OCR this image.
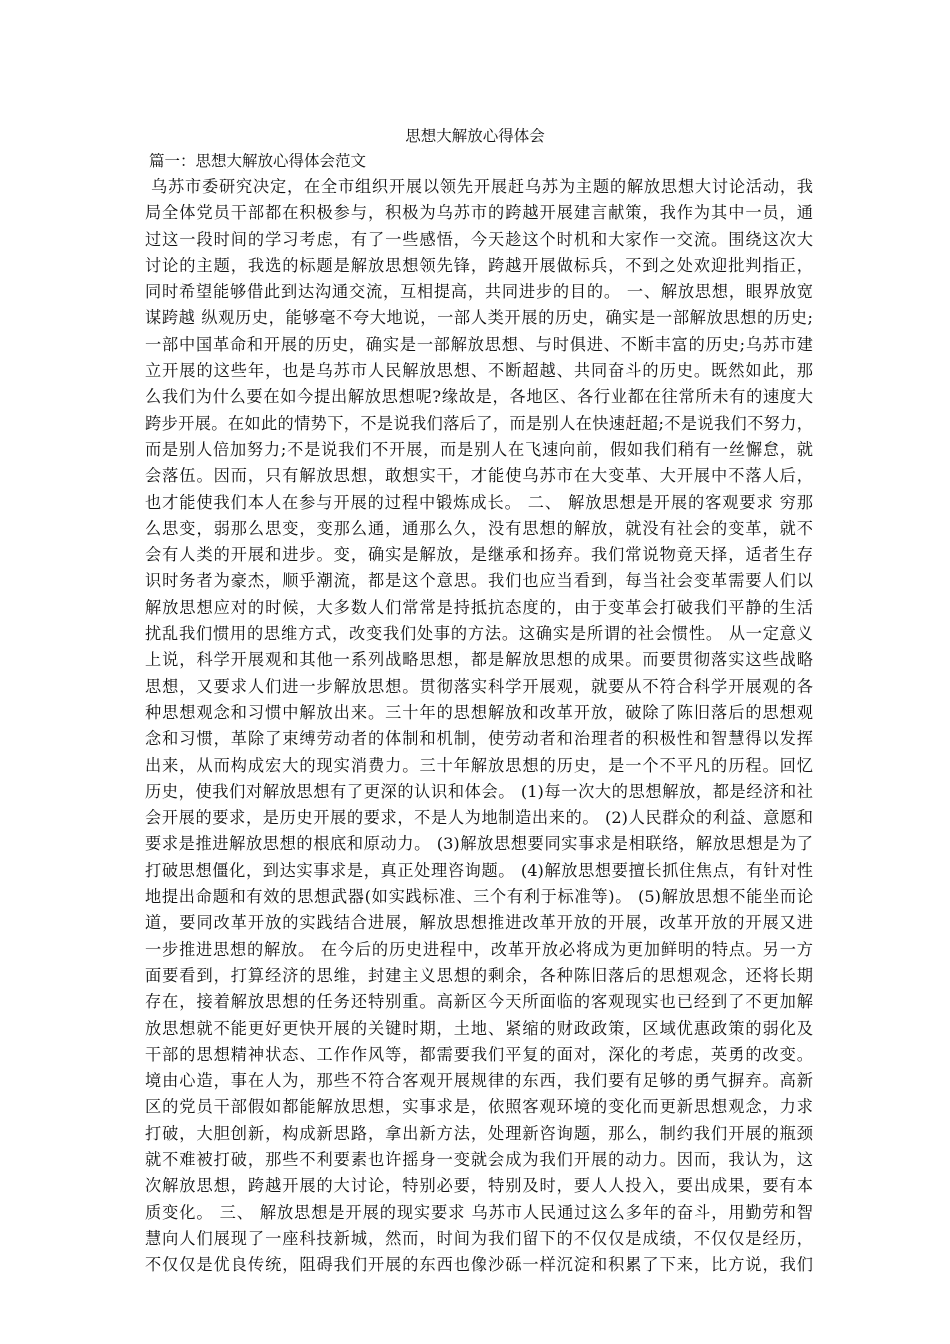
思想大解放心得体会
篇一：思想大解放心得体会范文
乌苏市委研究决定，在全市组织开展以领先开展赶乌苏为主题的解放思想大讨论活动，我
局全体党员干部都在积极参与，积极为乌苏市的跨越开展建言献策，我作为其中一员，通
过这一段时间的学习考虑，有了一些感悟，今天趁这个时机和大家作一交流。围绕这次大
讨论的主题，我选的标题是解放思想领先锋，跨越开展做标兵，不到之处欢迎批判指正，
同时希望能够借此到达沟通交流，互相提高，共同进步的目的。 一、解放思想，眼界放宽
谋跨越 纵观历史，能够毫不夸大地说，一部人类开展的历史，确实是一部解放思想的历史;
一部中国革命和开展的历史，确实是一部解放思想、与时俱进、不断丰富的历史;乌苏市建
立开展的这些年，也是乌苏市人民解放思想、不断超越、共同奋斗的历史。既然如此，那
么我们为什么要在如今提出解放思想呢?缘故是，各地区、各行业都在往常所未有的速度大
跨步开展。在如此的情势下，不是说我们落后了，而是别人在快速赶超;不是说我们不努力，
而是别人倍加努力;不是说我们不开展，而是别人在飞速向前，假如我们稍有一丝懈怠，就
会落伍。因而，只有解放思想，敢想实干，才能使乌苏市在大变革、大开展中不落人后，
也才能使我们本人在参与开展的过程中锻炼成长。 二、 解放思想是开展的客观要求 穷那
么思变，弱那么思变，变那么通，通那么久，没有思想的解放，就没有社会的变革，就不
会有人类的开展和进步。变，确实是解放，是继承和扬弃。我们常说物竟天择，适者生存
识时务者为豪杰，顺乎潮流，都是这个意思。我们也应当看到，每当社会变革需要人们以
解放思想应对的时候，大多数人们常常是持抵抗态度的，由于变革会打破我们平静的生活
扰乱我们惯用的思维方式，改变我们处事的方法。这确实是所谓的社会惯性。 从一定意义
上说，科学开展观和其他一系列战略思想，都是解放思想的成果。而要贯彻落实这些战略
思想，又要求人们进一步解放思想。贯彻落实科学开展观，就要从不符合科学开展观的各
种思想观念和习惯中解放出来。三十年的思想解放和改革开放，破除了陈旧落后的思想观
念和习惯，革除了束缚劳动者的体制和机制，使劳动者和治理者的积极性和智慧得以发挥
出来，从而构成宏大的现实消费力。三十年解放思想的历史，是一个不平凡的历程。回忆
历史，使我们对解放思想有了更深的认识和体会。 (1)每一次大的思想解放，都是经济和社
会开展的要求，是历史开展的要求，不是人为地制造出来的。 (2)人民群众的利益、意愿和
要求是推进解放思想的根底和原动力。 (3)解放思想要同实事求是相联络，解放思想是为了
打破思想僵化，到达实事求是，真正处理咨询题。 (4)解放思想要擅长抓住焦点，有针对性
地提出命题和有效的思想武器(如实践标准、三个有利于标准等)。 (5)解放思想不能坐而论
道，要同改革开放的实践结合进展，解放思想推进改革开放的开展，改革开放的开展又进
一步推进思想的解放。 在今后的历史进程中，改革开放必将成为更加鲜明的特点。另一方
面要看到，打算经济的思维，封建主义思想的剩余，各种陈旧落后的思想观念，还将长期
存在，接着解放思想的任务还特别重。高新区今天所面临的客观现实也已经到了不更加解
放思想就不能更好更快开展的关键时期，土地、紧缩的财政政策，区域优惠政策的弱化及
干部的思想精神状态、工作作风等，都需要我们平复的面对，深化的考虑，英勇的改变。
境由心造，事在人为，那些不符合客观开展规律的东西，我们要有足够的勇气摒弃。高新
区的党员干部假如都能解放思想，实事求是，依照客观环境的变化而更新思想观念，力求
打破，大胆创新，构成新思路，拿出新方法，处理新咨询题，那么，制约我们开展的瓶颈
就不难被打破，那些不利要素也许摇身一变就会成为我们开展的动力。因而，我认为，这
次解放思想，跨越开展的大讨论，特别必要，特别及时，要人人投入，要出成果，要有本
质变化。 三、 解放思想是开展的现实要求 乌苏市人民通过这么多年的奋斗，用勤劳和智
慧向人们展现了一座科技新城，然而，时间为我们留下的不仅仅是成绩，不仅仅是经历，
不仅仅是优良传统，阻碍我们开展的东西也像沙砾一样沉淀和积累了下来，比方说，我们
